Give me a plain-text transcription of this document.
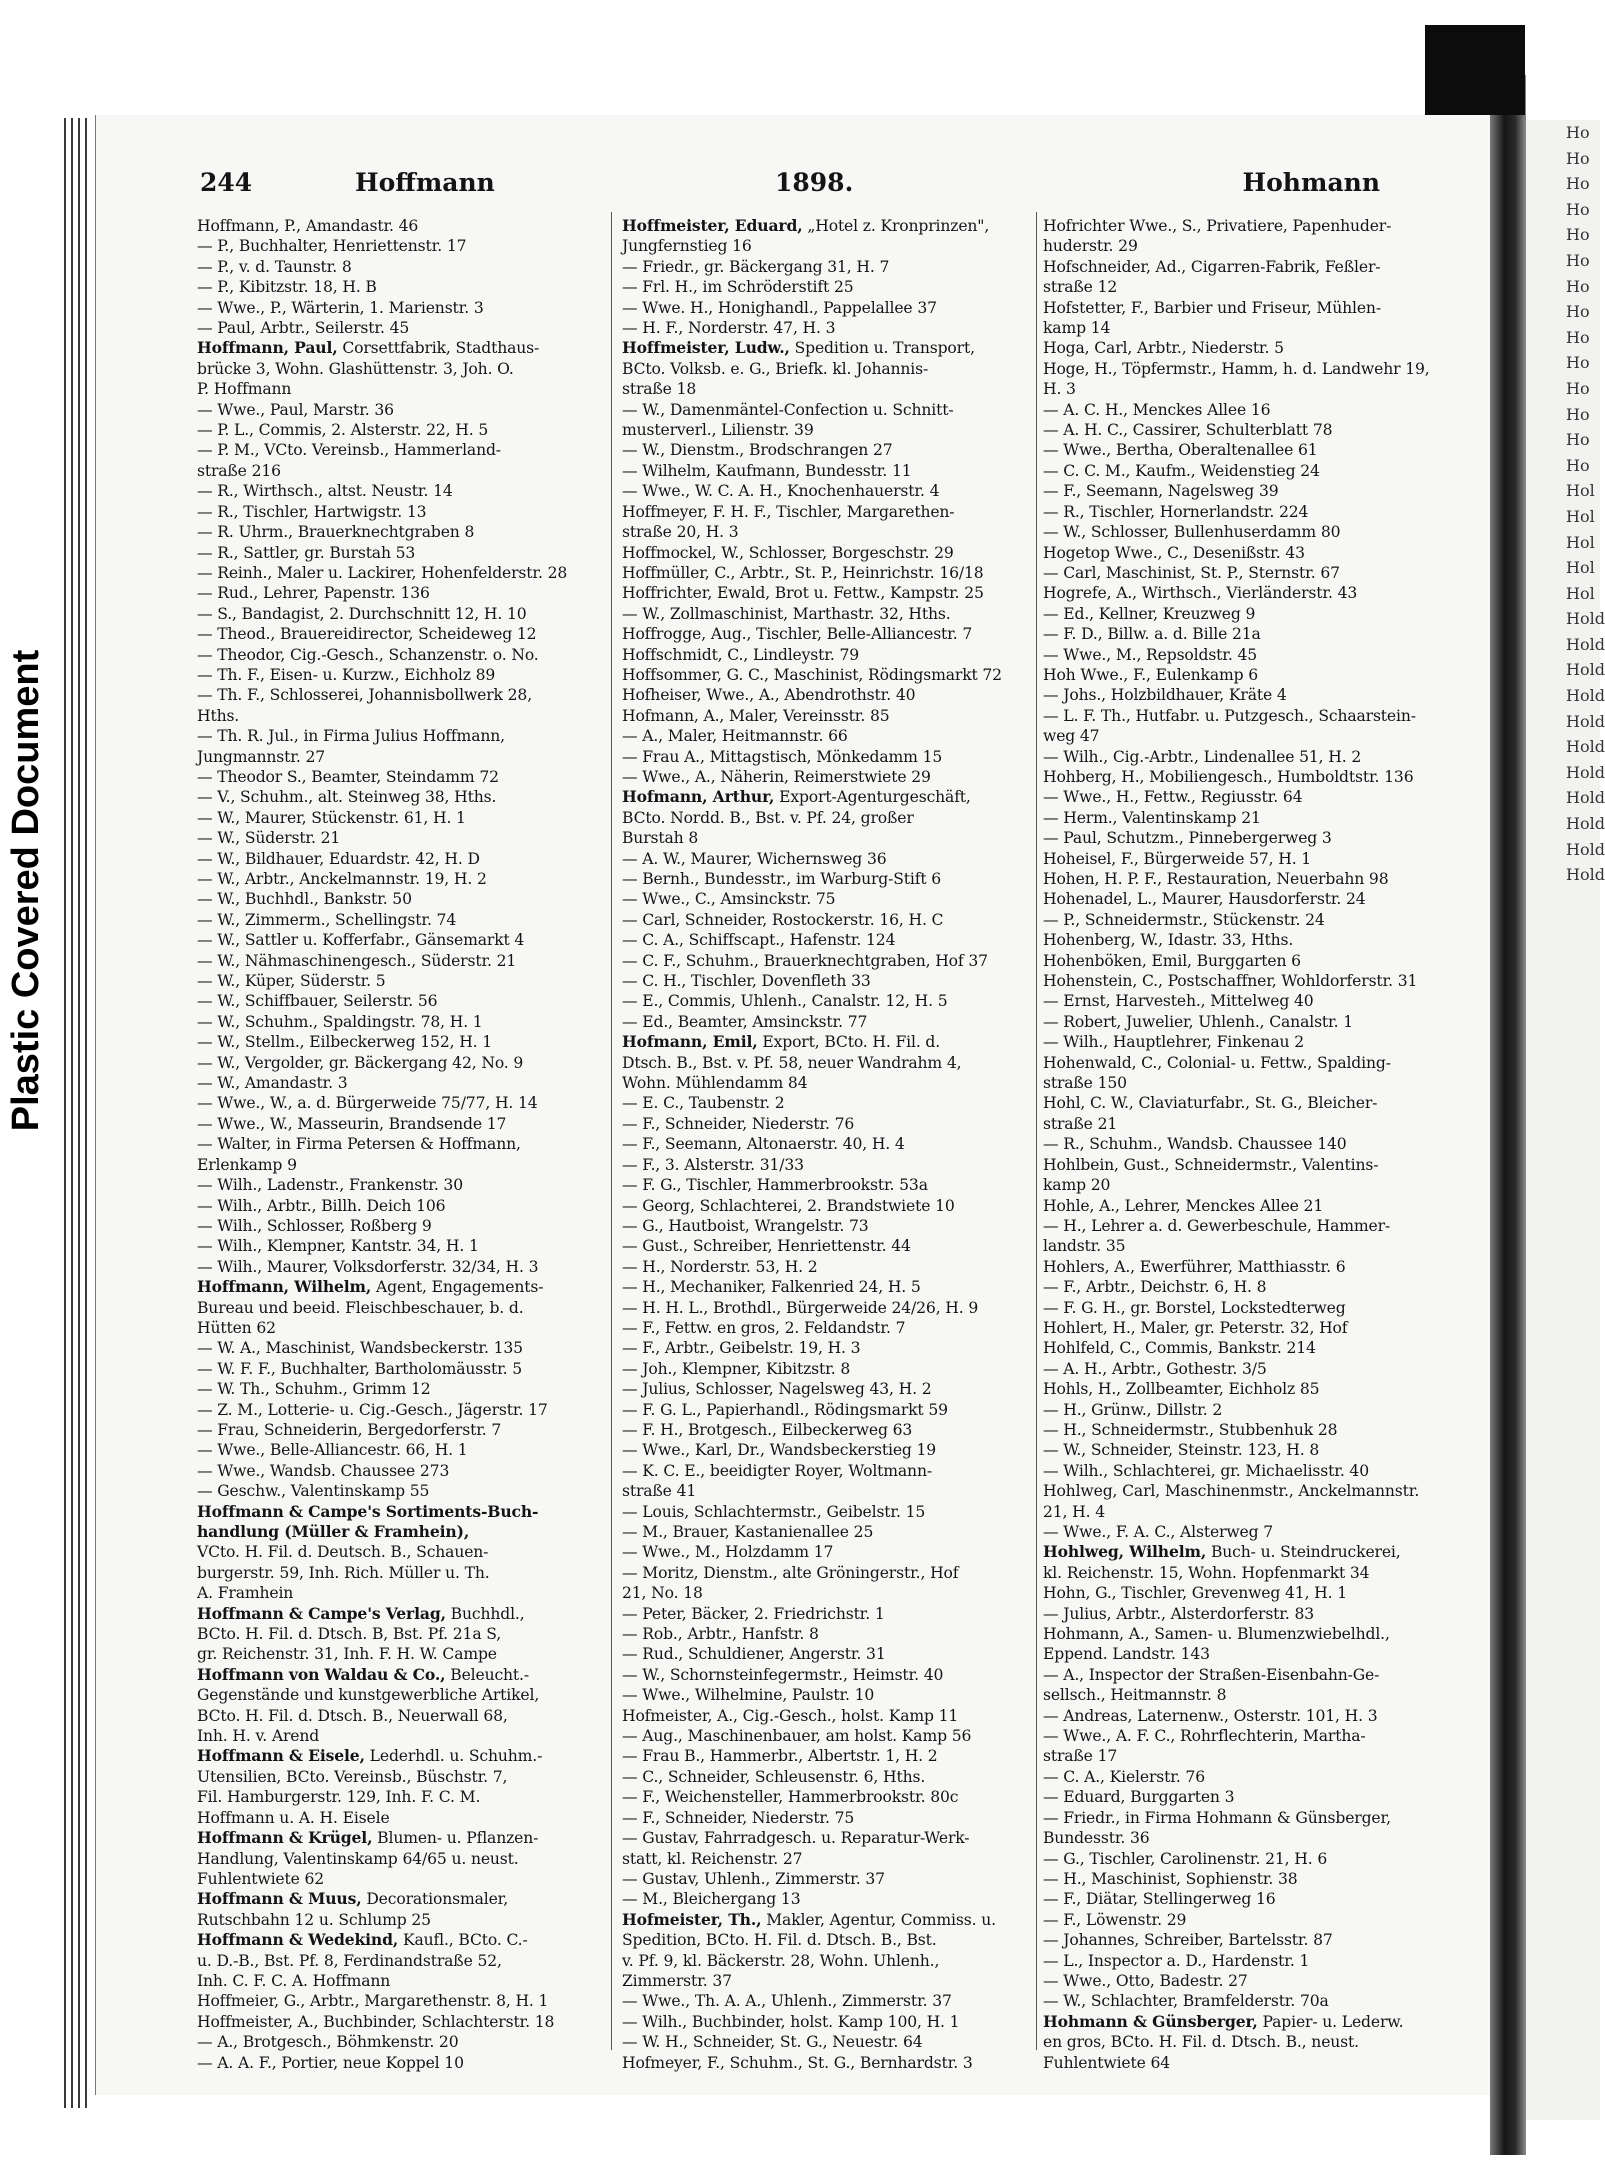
Plastic Covered Document
Ho
Ho
Ho
Ho
Ho
Ho
Ho
Ho
Ho
Ho
Ho
Ho
Ho
Ho
Hol
Hol
Hol
Hol
Hol
Hold
Hold
Hold
Hold
Hold
Hold
Hold
Hold
Hold
Hold
Hold
244	Hoffmann	1898.	Hohmann
Hoffmann, P., Amandastr. 46
— P., Buchhalter, Henriettenstr. 17
— P., v. d. Taunstr. 8
— P., Kibitzstr. 18, H. B
— Wwe., P., Wärterin, 1. Marienstr. 3
— Paul, Arbtr., Seilerstr. 45
Hoffmann, Paul, Corsettfabrik, Stadthaus-
brücke 3, Wohn. Glashüttenstr. 3, Joh. O.
P. Hoffmann
— Wwe., Paul, Marstr. 36
— P. L., Commis, 2. Alsterstr. 22, H. 5
— P. M., VCto. Vereinsb., Hammerland-
straße 216
— R., Wirthsch., altst. Neustr. 14
— R., Tischler, Hartwigstr. 13
— R. Uhrm., Brauerknechtgraben 8
— R., Sattler, gr. Burstah 53
— Reinh., Maler u. Lackirer, Hohenfelderstr. 28
— Rud., Lehrer, Papenstr. 136
— S., Bandagist, 2. Durchschnitt 12, H. 10
— Theod., Brauereidirector, Scheideweg 12
— Theodor, Cig.-Gesch., Schanzenstr. o. No.
— Th. F., Eisen- u. Kurzw., Eichholz 89
— Th. F., Schlosserei, Johannisbollwerk 28,
Hths.
— Th. R. Jul., in Firma Julius Hoffmann,
Jungmannstr. 27
— Theodor S., Beamter, Steindamm 72
— V., Schuhm., alt. Steinweg 38, Hths.
— W., Maurer, Stückenstr. 61, H. 1
— W., Süderstr. 21
— W., Bildhauer, Eduardstr. 42, H. D
— W., Arbtr., Anckelmannstr. 19, H. 2
— W., Buchhdl., Bankstr. 50
— W., Zimmerm., Schellingstr. 74
— W., Sattler u. Kofferfabr., Gänsemarkt 4
— W., Nähmaschinengesch., Süderstr. 21
— W., Küper, Süderstr. 5
— W., Schiffbauer, Seilerstr. 56
— W., Schuhm., Spaldingstr. 78, H. 1
— W., Stellm., Eilbeckerweg 152, H. 1
— W., Vergolder, gr. Bäckergang 42, No. 9
— W., Amandastr. 3
— Wwe., W., a. d. Bürgerweide 75/77, H. 14
— Wwe., W., Masseurin, Brandsende 17
— Walter, in Firma Petersen & Hoffmann,
Erlenkamp 9
— Wilh., Ladenstr., Frankenstr. 30
— Wilh., Arbtr., Billh. Deich 106
— Wilh., Schlosser, Roßberg 9
— Wilh., Klempner, Kantstr. 34, H. 1
— Wilh., Maurer, Volksdorferstr. 32/34, H. 3
Hoffmann, Wilhelm, Agent, Engagements-
Bureau und beeid. Fleischbeschauer, b. d.
Hütten 62
— W. A., Maschinist, Wandsbeckerstr. 135
— W. F. F., Buchhalter, Bartholomäusstr. 5
— W. Th., Schuhm., Grimm 12
— Z. M., Lotterie- u. Cig.-Gesch., Jägerstr. 17
— Frau, Schneiderin, Bergedorferstr. 7
— Wwe., Belle-Alliancestr. 66, H. 1
— Wwe., Wandsb. Chaussee 273
— Geschw., Valentinskamp 55
Hoffmann & Campe's Sortiments-Buch-
handlung (Müller & Framhein),
VCto. H. Fil. d. Deutsch. B., Schauen-
burgerstr. 59, Inh. Rich. Müller u. Th.
A. Framhein
Hoffmann & Campe's Verlag, Buchhdl.,
BCto. H. Fil. d. Dtsch. B, Bst. Pf. 21a S,
gr. Reichenstr. 31, Inh. F. H. W. Campe
Hoffmann von Waldau & Co., Beleucht.-
Gegenstände und kunstgewerbliche Artikel,
BCto. H. Fil. d. Dtsch. B., Neuerwall 68,
Inh. H. v. Arend
Hoffmann & Eisele, Lederhdl. u. Schuhm.-
Utensilien, BCto. Vereinsb., Büschstr. 7,
Fil. Hamburgerstr. 129, Inh. F. C. M.
Hoffmann u. A. H. Eisele
Hoffmann & Krügel, Blumen- u. Pflanzen-
Handlung, Valentinskamp 64/65 u. neust.
Fuhlentwiete 62
Hoffmann & Muus, Decorationsmaler,
Rutschbahn 12 u. Schlump 25
Hoffmann & Wedekind, Kaufl., BCto. C.-
u. D.-B., Bst. Pf. 8, Ferdinandstraße 52,
Inh. C. F. C. A. Hoffmann
Hoffmeier, G., Arbtr., Margarethenstr. 8, H. 1
Hoffmeister, A., Buchbinder, Schlachterstr. 18
— A., Brotgesch., Böhmkenstr. 20
— A. A. F., Portier, neue Koppel 10
Hoffmeister, Eduard, „Hotel z. Kronprinzen",
Jungfernstieg 16
— Friedr., gr. Bäckergang 31, H. 7
— Frl. H., im Schröderstift 25
— Wwe. H., Honighandl., Pappelallee 37
— H. F., Norderstr. 47, H. 3
Hoffmeister, Ludw., Spedition u. Transport,
BCto. Volksb. e. G., Briefk. kl. Johannis-
straße 18
— W., Damenmäntel-Confection u. Schnitt-
musterverl., Lilienstr. 39
— W., Dienstm., Brodschrangen 27
— Wilhelm, Kaufmann, Bundesstr. 11
— Wwe., W. C. A. H., Knochenhauerstr. 4
Hoffmeyer, F. H. F., Tischler, Margarethen-
straße 20, H. 3
Hoffmockel, W., Schlosser, Borgeschstr. 29
Hoffmüller, C., Arbtr., St. P., Heinrichstr. 16/18
Hoffrichter, Ewald, Brot u. Fettw., Kampstr. 25
— W., Zollmaschinist, Marthastr. 32, Hths.
Hoffrogge, Aug., Tischler, Belle-Alliancestr. 7
Hoffschmidt, C., Lindleystr. 79
Hoffsommer, G. C., Maschinist, Rödingsmarkt 72
Hofheiser, Wwe., A., Abendrothstr. 40
Hofmann, A., Maler, Vereinsstr. 85
— A., Maler, Heitmannstr. 66
— Frau A., Mittagstisch, Mönkedamm 15
— Wwe., A., Näherin, Reimerstwiete 29
Hofmann, Arthur, Export-Agenturgeschäft,
BCto. Nordd. B., Bst. v. Pf. 24, großer
Burstah 8
— A. W., Maurer, Wichernsweg 36
— Bernh., Bundesstr., im Warburg-Stift 6
— Wwe., C., Amsinckstr. 75
— Carl, Schneider, Rostockerstr. 16, H. C
— C. A., Schiffscapt., Hafenstr. 124
— C. F., Schuhm., Brauerknechtgraben, Hof 37
— C. H., Tischler, Dovenfleth 33
— E., Commis, Uhlenh., Canalstr. 12, H. 5
— Ed., Beamter, Amsinckstr. 77
Hofmann, Emil, Export, BCto. H. Fil. d.
Dtsch. B., Bst. v. Pf. 58, neuer Wandrahm 4,
Wohn. Mühlendamm 84
— E. C., Taubenstr. 2
— F., Schneider, Niederstr. 76
— F., Seemann, Altonaerstr. 40, H. 4
— F., 3. Alsterstr. 31/33
— F. G., Tischler, Hammerbrookstr. 53a
— Georg, Schlachterei, 2. Brandstwiete 10
— G., Hautboist, Wrangelstr. 73
— Gust., Schreiber, Henriettenstr. 44
— H., Norderstr. 53, H. 2
— H., Mechaniker, Falkenried 24, H. 5
— H. H. L., Brothdl., Bürgerweide 24/26, H. 9
— F., Fettw. en gros, 2. Feldandstr. 7
— F., Arbtr., Geibelstr. 19, H. 3
— Joh., Klempner, Kibitzstr. 8
— Julius, Schlosser, Nagelsweg 43, H. 2
— F. G. L., Papierhandl., Rödingsmarkt 59
— F. H., Brotgesch., Eilbeckerweg 63
— Wwe., Karl, Dr., Wandsbeckerstieg 19
— K. C. E., beeidigter Royer, Woltmann-
straße 41
— Louis, Schlachtermstr., Geibelstr. 15
— M., Brauer, Kastanienallee 25
— Wwe., M., Holzdamm 17
— Moritz, Dienstm., alte Gröningerstr., Hof
21, No. 18
— Peter, Bäcker, 2. Friedrichstr. 1
— Rob., Arbtr., Hanfstr. 8
— Rud., Schuldiener, Angerstr. 31
— W., Schornsteinfegermstr., Heimstr. 40
— Wwe., Wilhelmine, Paulstr. 10
Hofmeister, A., Cig.-Gesch., holst. Kamp 11
— Aug., Maschinenbauer, am holst. Kamp 56
— Frau B., Hammerbr., Albertstr. 1, H. 2
— C., Schneider, Schleusenstr. 6, Hths.
— F., Weichensteller, Hammerbrookstr. 80c
— F., Schneider, Niederstr. 75
— Gustav, Fahrradgesch. u. Reparatur-Werk-
statt, kl. Reichenstr. 27
— Gustav, Uhlenh., Zimmerstr. 37
— M., Bleichergang 13
Hofmeister, Th., Makler, Agentur, Commiss. u.
Spedition, BCto. H. Fil. d. Dtsch. B., Bst.
v. Pf. 9, kl. Bäckerstr. 28, Wohn. Uhlenh.,
Zimmerstr. 37
— Wwe., Th. A. A., Uhlenh., Zimmerstr. 37
— Wilh., Buchbinder, holst. Kamp 100, H. 1
— W. H., Schneider, St. G., Neuestr. 64
Hofmeyer, F., Schuhm., St. G., Bernhardstr. 3
Hofrichter Wwe., S., Privatiere, Papenhuder-
huderstr. 29
Hofschneider, Ad., Cigarren-Fabrik, Feßler-
straße 12
Hofstetter, F., Barbier und Friseur, Mühlen-
kamp 14
Hoga, Carl, Arbtr., Niederstr. 5
Hoge, H., Töpfermstr., Hamm, h. d. Landwehr 19,
H. 3
— A. C. H., Menckes Allee 16
— A. H. C., Cassirer, Schulterblatt 78
— Wwe., Bertha, Oberaltenallee 61
— C. C. M., Kaufm., Weidenstieg 24
— F., Seemann, Nagelsweg 39
— R., Tischler, Hornerlandstr. 224
— W., Schlosser, Bullenhuserdamm 80
Hogetop Wwe., C., Desenißstr. 43
— Carl, Maschinist, St. P., Sternstr. 67
Hogrefe, A., Wirthsch., Vierländerstr. 43
— Ed., Kellner, Kreuzweg 9
— F. D., Billw. a. d. Bille 21a
— Wwe., M., Repsoldstr. 45
Hoh Wwe., F., Eulenkamp 6
— Johs., Holzbildhauer, Kräte 4
— L. F. Th., Hutfabr. u. Putzgesch., Schaarstein-
weg 47
— Wilh., Cig.-Arbtr., Lindenallee 51, H. 2
Hohberg, H., Mobiliengesch., Humboldtstr. 136
— Wwe., H., Fettw., Regiusstr. 64
— Herm., Valentinskamp 21
— Paul, Schutzm., Pinnebergerweg 3
Hoheisel, F., Bürgerweide 57, H. 1
Hohen, H. P. F., Restauration, Neuerbahn 98
Hohenadel, L., Maurer, Hausdorferstr. 24
— P., Schneidermstr., Stückenstr. 24
Hohenberg, W., Idastr. 33, Hths.
Hohenböken, Emil, Burggarten 6
Hohenstein, C., Postschaffner, Wohldorferstr. 31
— Ernst, Harvesteh., Mittelweg 40
— Robert, Juwelier, Uhlenh., Canalstr. 1
— Wilh., Hauptlehrer, Finkenau 2
Hohenwald, C., Colonial- u. Fettw., Spalding-
straße 150
Hohl, C. W., Claviaturfabr., St. G., Bleicher-
straße 21
— R., Schuhm., Wandsb. Chaussee 140
Hohlbein, Gust., Schneidermstr., Valentins-
kamp 20
Hohle, A., Lehrer, Menckes Allee 21
— H., Lehrer a. d. Gewerbeschule, Hammer-
landstr. 35
Hohlers, A., Ewerführer, Matthiasstr. 6
— F., Arbtr., Deichstr. 6, H. 8
— F. G. H., gr. Borstel, Lockstedterweg
Hohlert, H., Maler, gr. Peterstr. 32, Hof
Hohlfeld, C., Commis, Bankstr. 214
— A. H., Arbtr., Gothestr. 3/5
Hohls, H., Zollbeamter, Eichholz 85
— H., Grünw., Dillstr. 2
— H., Schneidermstr., Stubbenhuk 28
— W., Schneider, Steinstr. 123, H. 8
— Wilh., Schlachterei, gr. Michaelisstr. 40
Hohlweg, Carl, Maschinenmstr., Anckelmannstr.
21, H. 4
— Wwe., F. A. C., Alsterweg 7
Hohlweg, Wilhelm, Buch- u. Steindruckerei,
kl. Reichenstr. 15, Wohn. Hopfenmarkt 34
Hohn, G., Tischler, Grevenweg 41, H. 1
— Julius, Arbtr., Alsterdorferstr. 83
Hohmann, A., Samen- u. Blumenzwiebelhdl.,
Eppend. Landstr. 143
— A., Inspector der Straßen-Eisenbahn-Ge-
sellsch., Heitmannstr. 8
— Andreas, Laternenw., Osterstr. 101, H. 3
— Wwe., A. F. C., Rohrflechterin, Martha-
straße 17
— C. A., Kielerstr. 76
— Eduard, Burggarten 3
— Friedr., in Firma Hohmann & Günsberger,
Bundesstr. 36
— G., Tischler, Carolinenstr. 21, H. 6
— H., Maschinist, Sophienstr. 38
— F., Diätar, Stellingerweg 16
— F., Löwenstr. 29
— Johannes, Schreiber, Bartelsstr. 87
— L., Inspector a. D., Hardenstr. 1
— Wwe., Otto, Badestr. 27
— W., Schlachter, Bramfelderstr. 70a
Hohmann & Günsberger, Papier- u. Lederw.
en gros, BCto. H. Fil. d. Dtsch. B., neust.
Fuhlentwiete 64
